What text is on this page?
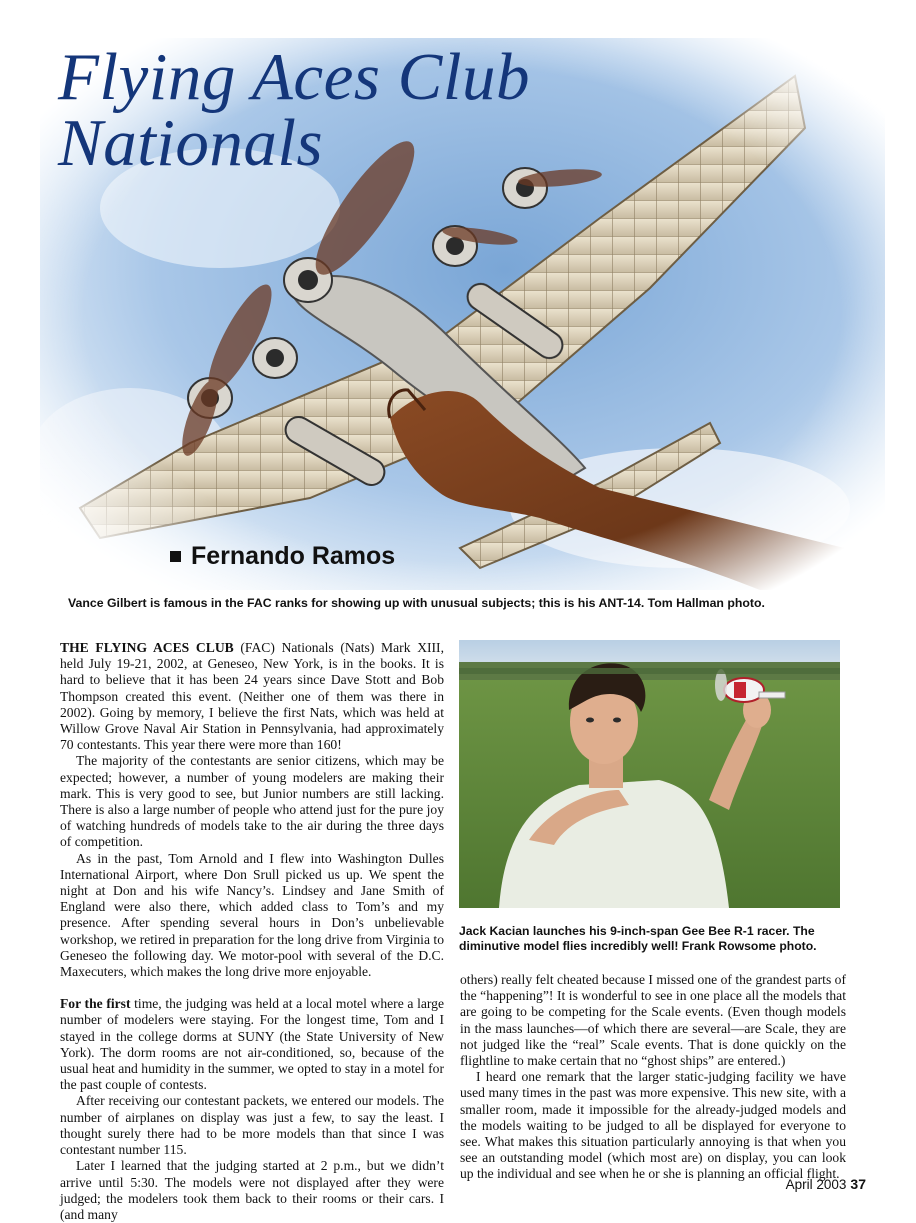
Flying Aces Club
Nationals
Fernando Ramos
Vance Gilbert is famous in the FAC ranks for showing up with unusual subjects; this is his ANT-14. Tom Hallman photo.

THE FLYING ACES CLUB (FAC) Nationals (Nats) Mark XIII, held July 19-21, 2002, at Geneseo, New York, is in the books. It is hard to believe that it has been 24 years since Dave Stott and Bob Thompson created this event. (Neither one of them was there in 2002). Going by memory, I believe the first Nats, which was held at Willow Grove Naval Air Station in Pennsylvania, had approximately 70 contestants. This year there were more than 160!

The majority of the contestants are senior citizens, which may be expected; however, a number of young modelers are making their mark. This is very good to see, but Junior numbers are still lacking. There is also a large number of people who attend just for the pure joy of watching hundreds of models take to the air during the three days of competition.

As in the past, Tom Arnold and I flew into Washington Dulles International Airport, where Don Srull picked us up. We spent the night at Don and his wife Nancy’s. Lindsey and Jane Smith of England were also there, which added class to Tom’s and my presence. After spending several hours in Don’s unbelievable workshop, we retired in preparation for the long drive from Virginia to Geneseo the following day. We motor-pool with several of the D.C. Maxecuters, which makes the long drive more enjoyable.

For the first time, the judging was held at a local motel where a large number of modelers were staying. For the longest time, Tom and I stayed in the college dorms at SUNY (the State University of New York). The dorm rooms are not air-conditioned, so, because of the usual heat and humidity in the summer, we opted to stay in a motel for the past couple of contests.

After receiving our contestant packets, we entered our models. The number of airplanes on display was just a few, to say the least. I thought surely there had to be more models than that since I was contestant number 115.

Later I learned that the judging started at 2 p.m., but we didn’t arrive until 5:30. The models were not displayed after they were judged; the modelers took them back to their rooms or their cars. I (and many

Jack Kacian launches his 9-inch-span Gee Bee R-1 racer. The diminutive model flies incredibly well! Frank Rowsome photo.

others) really felt cheated because I missed one of the grandest parts of the “happening”! It is wonderful to see in one place all the models that are going to be competing for the Scale events. (Even though models in the mass launches—of which there are several—are Scale, they are not judged like the “real” Scale events. That is done quickly on the flightline to make certain that no “ghost ships” are entered.)

I heard one remark that the larger static-judging facility we have used many times in the past was more expensive. This new site, with a smaller room, made it impossible for the already-judged models and the models waiting to be judged to all be displayed for everyone to see. What makes this situation particularly annoying is that when you see an outstanding model (which most are) on display, you can look up the individual and see when he or she is planning an official flight.

April 2003 37
